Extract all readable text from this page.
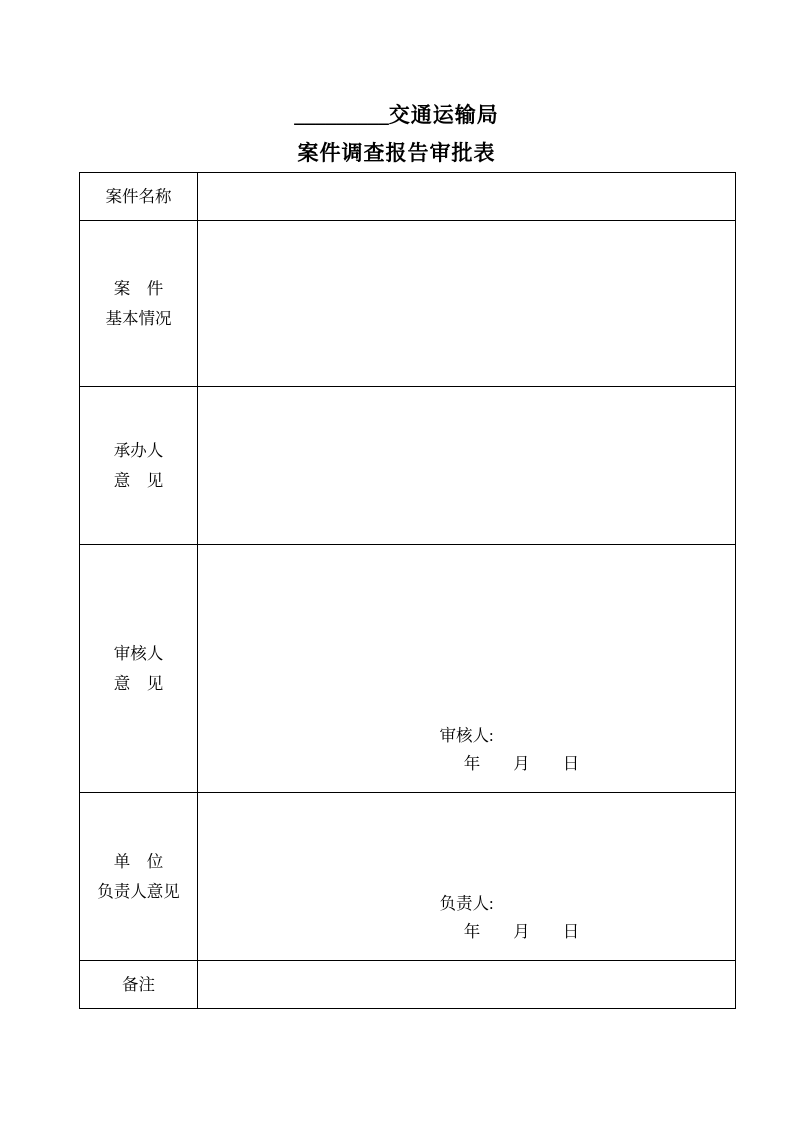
_________交通运输局
案件调查报告审批表
案件名称	

案　件
基本情况	

承办人
意　见	

审核人
意　见

审核人:
年　　月　　日

单　位
负责人意见

负责人:
年　　月　　日

备注	
